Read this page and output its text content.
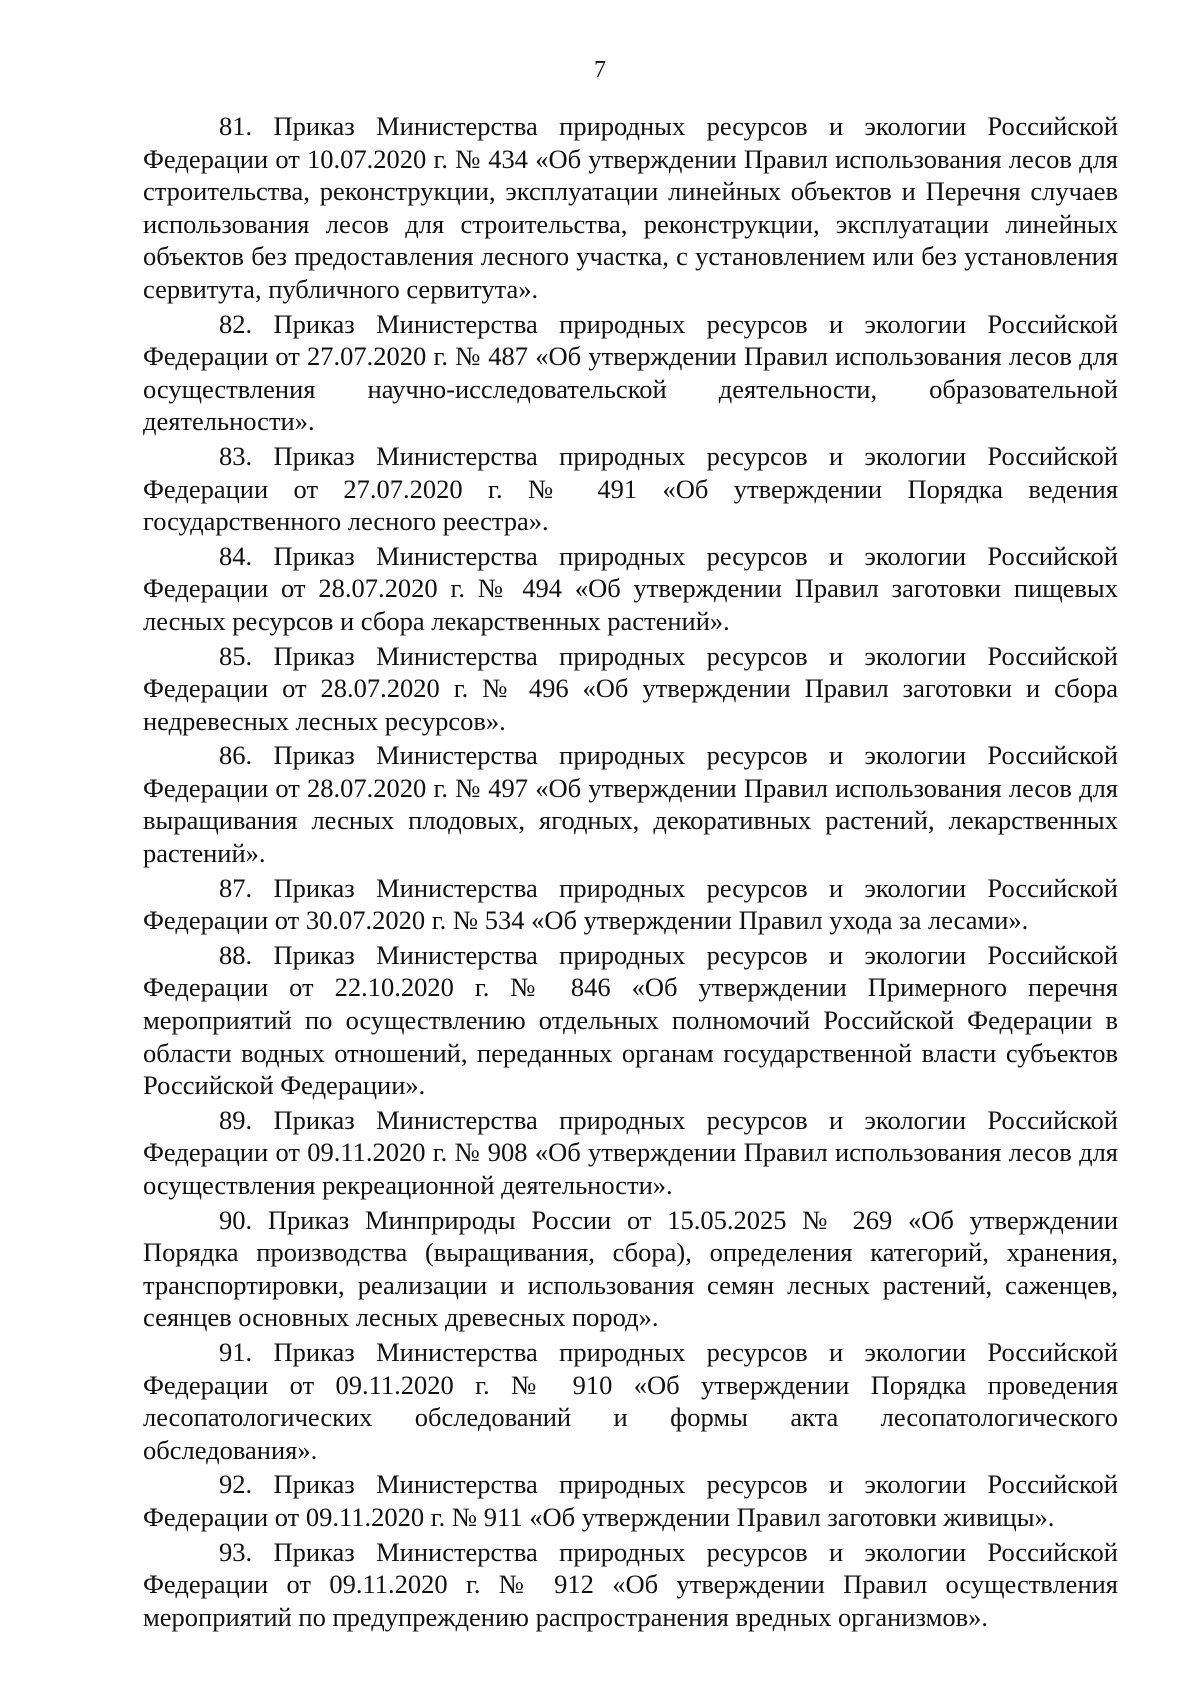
7

81. Приказ Министерства природных ресурсов и экологии Российской Федерации от 10.07.2020 г. № 434 «Об утверждении Правил использования лесов для строительства, реконструкции, эксплуатации линейных объектов и Перечня случаев использования лесов для строительства, реконструкции, эксплуатации линейных объектов без предоставления лесного участка, с установлением или без установления сервитута, публичного сервитута».

82. Приказ Министерства природных ресурсов и экологии Российской Федерации от 27.07.2020 г. № 487 «Об утверждении Правил использования лесов для осуществления научно-исследовательской деятельности, образовательной деятельности».

83. Приказ Министерства природных ресурсов и экологии Российской Федерации от 27.07.2020 г. № 491 «Об утверждении Порядка ведения государственного лесного реестра».

84. Приказ Министерства природных ресурсов и экологии Российской Федерации от 28.07.2020 г. № 494 «Об утверждении Правил заготовки пищевых лесных ресурсов и сбора лекарственных растений».

85. Приказ Министерства природных ресурсов и экологии Российской Федерации от 28.07.2020 г. № 496 «Об утверждении Правил заготовки и сбора недревесных лесных ресурсов».

86. Приказ Министерства природных ресурсов и экологии Российской Федерации от 28.07.2020 г. № 497 «Об утверждении Правил использования лесов для выращивания лесных плодовых, ягодных, декоративных растений, лекарственных растений».

87. Приказ Министерства природных ресурсов и экологии Российской Федерации от 30.07.2020 г. № 534 «Об утверждении Правил ухода за лесами».

88. Приказ Министерства природных ресурсов и экологии Российской Федерации от 22.10.2020 г. № 846 «Об утверждении Примерного перечня мероприятий по осуществлению отдельных полномочий Российской Федерации в области водных отношений, переданных органам государственной власти субъектов Российской Федерации».

89. Приказ Министерства природных ресурсов и экологии Российской Федерации от 09.11.2020 г. № 908 «Об утверждении Правил использования лесов для осуществления рекреационной деятельности».

90. Приказ Минприроды России от 15.05.2025 № 269 «Об утверждении Порядка производства (выращивания, сбора), определения категорий, хранения, транспортировки, реализации и использования семян лесных растений, саженцев, сеянцев основных лесных древесных пород».

91. Приказ Министерства природных ресурсов и экологии Российской Федерации от 09.11.2020 г. № 910 «Об утверждении Порядка проведения лесопатологических обследований и формы акта лесопатологического обследования».

92. Приказ Министерства природных ресурсов и экологии Российской Федерации от 09.11.2020 г. № 911 «Об утверждении Правил заготовки живицы».

93. Приказ Министерства природных ресурсов и экологии Российской Федерации от 09.11.2020 г. № 912 «Об утверждении Правил осуществления мероприятий по предупреждению распространения вредных организмов».
